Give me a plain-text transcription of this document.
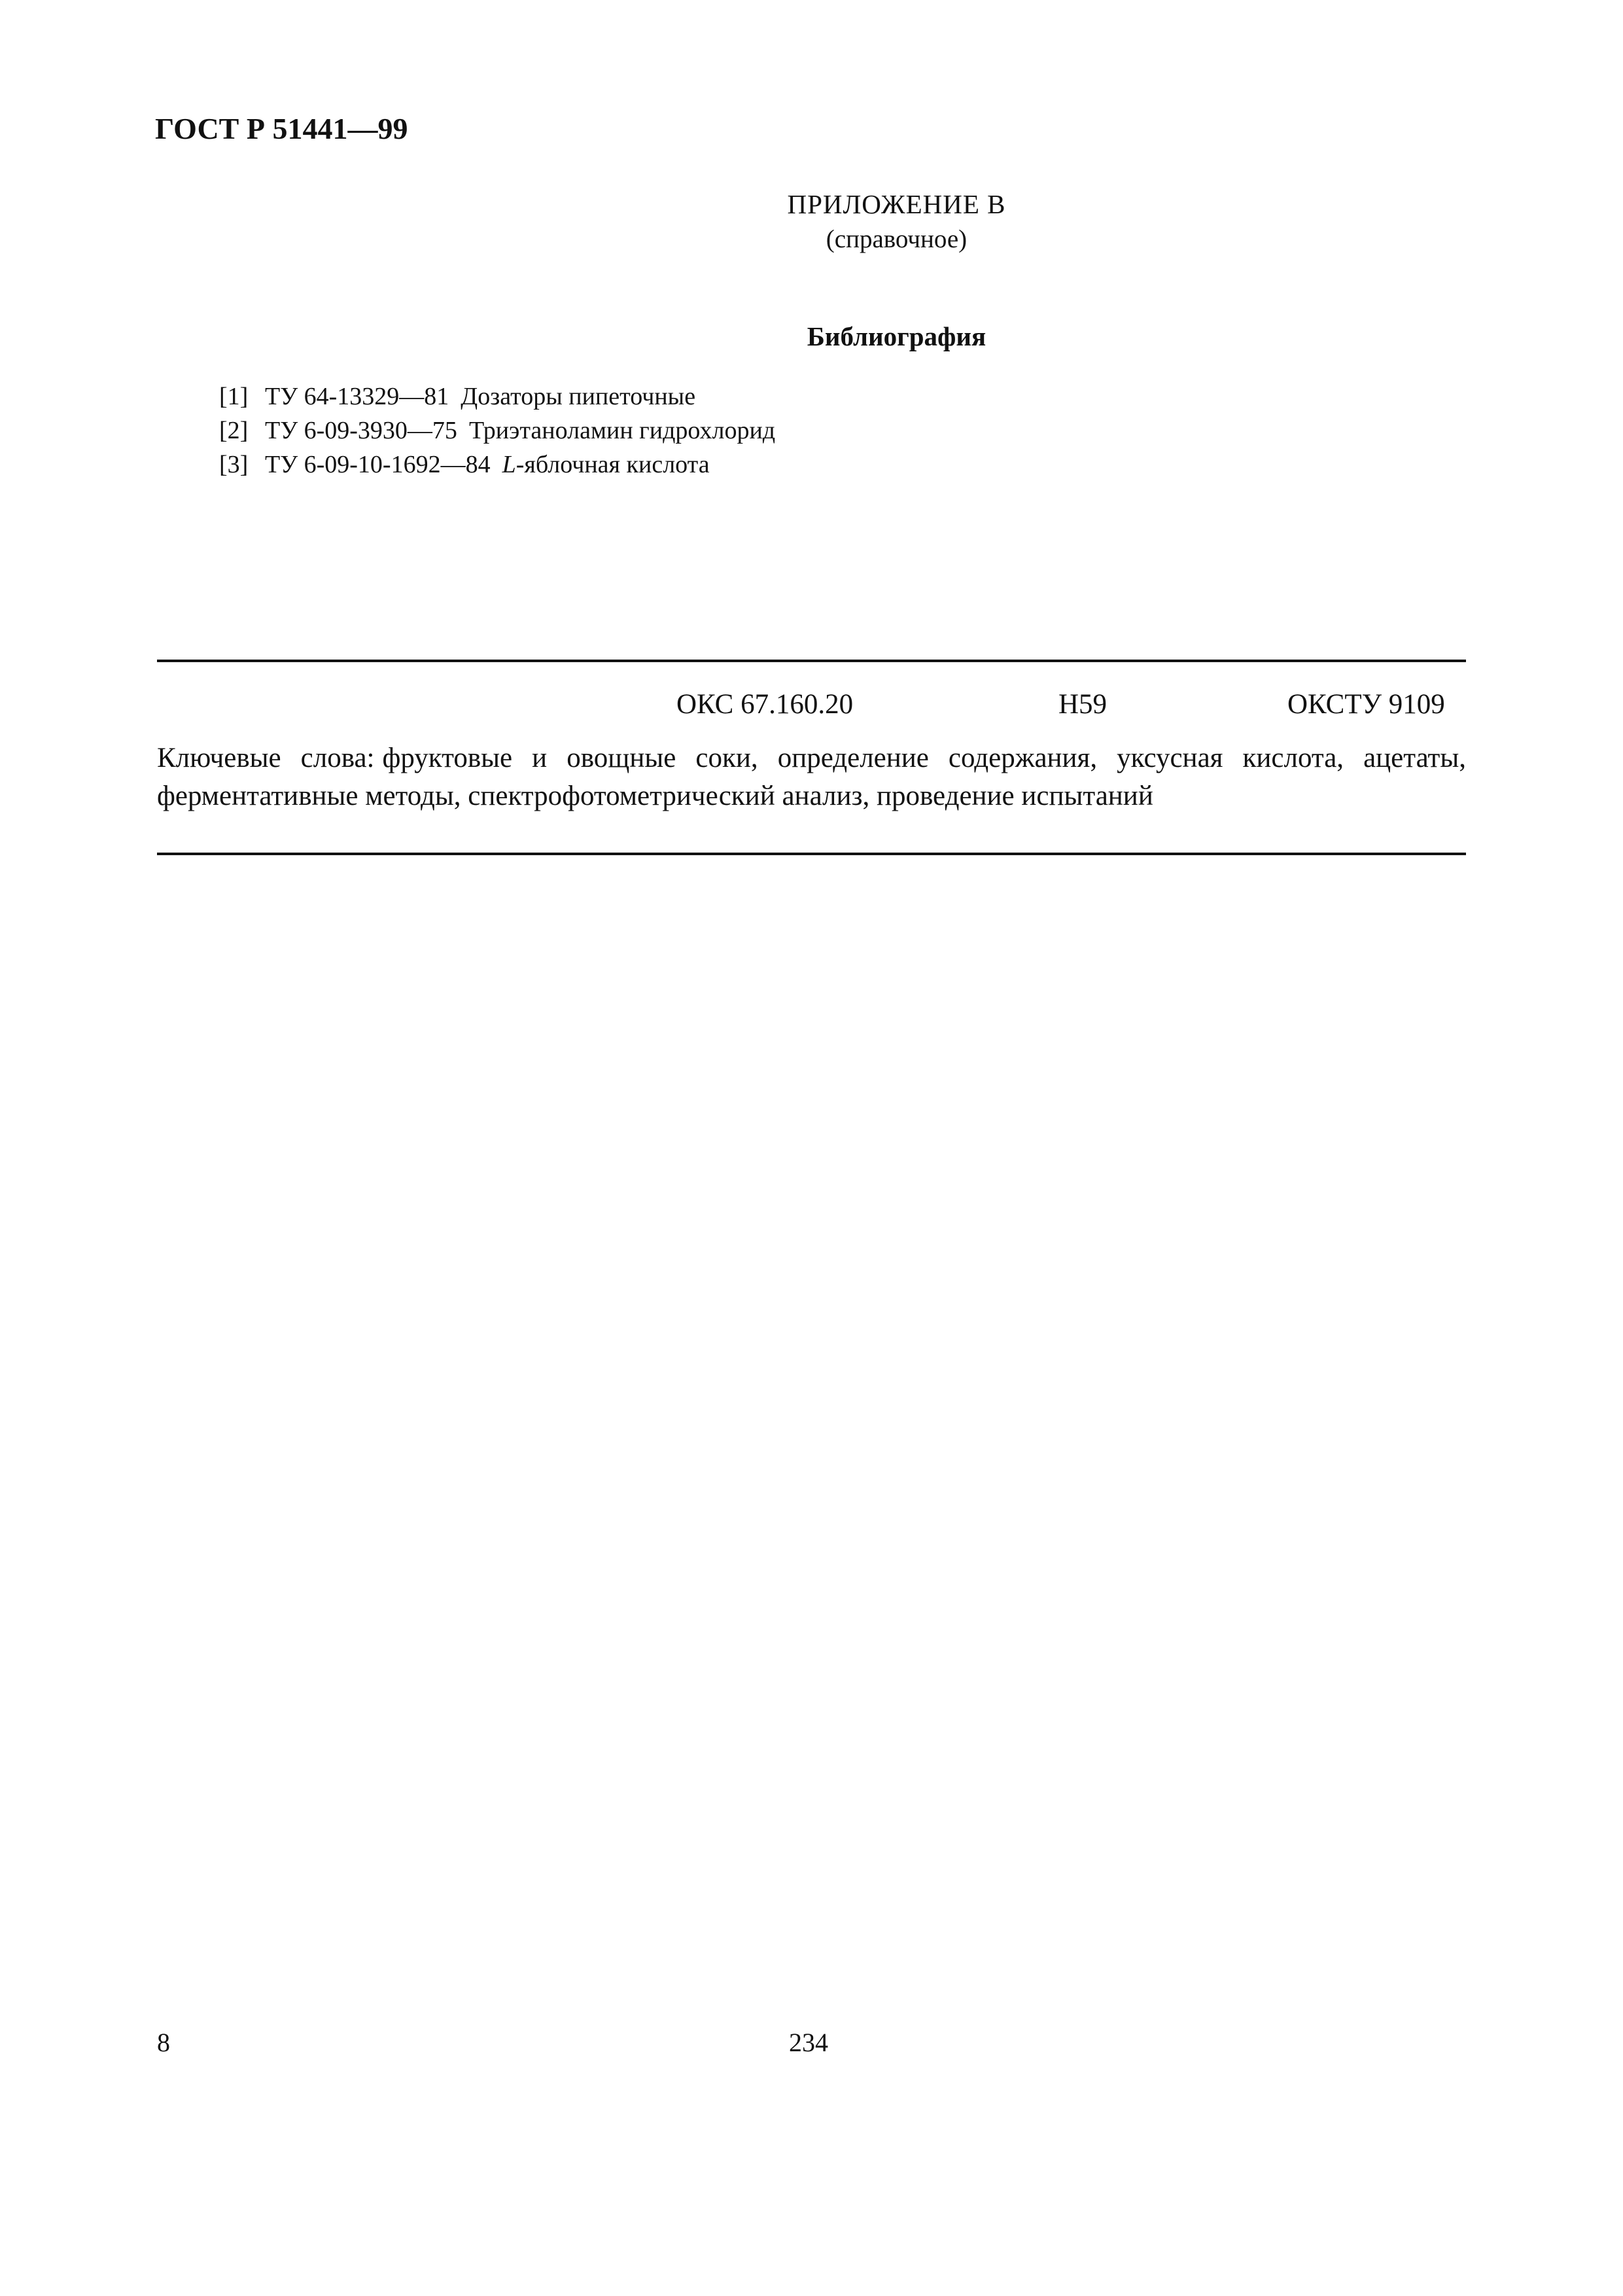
ГОСТ Р 51441—99
ПРИЛОЖЕНИЕ В
(справочное)
Библиография
[1] ТУ 64-13329—81 Дозаторы пипеточные
[2] ТУ 6-09-3930—75 Триэтаноламин гидрохлорид
[3] ТУ 6-09-10-1692—84 L-яблочная кислота
ОКС 67.160.20	Н59	ОКСТУ 9109
Ключевые слова: фруктовые и овощные соки, определение содержания, уксусная кислота, ацетаты, ферментативные методы, спектрофотометрический анализ, проведение испытаний
8	234
